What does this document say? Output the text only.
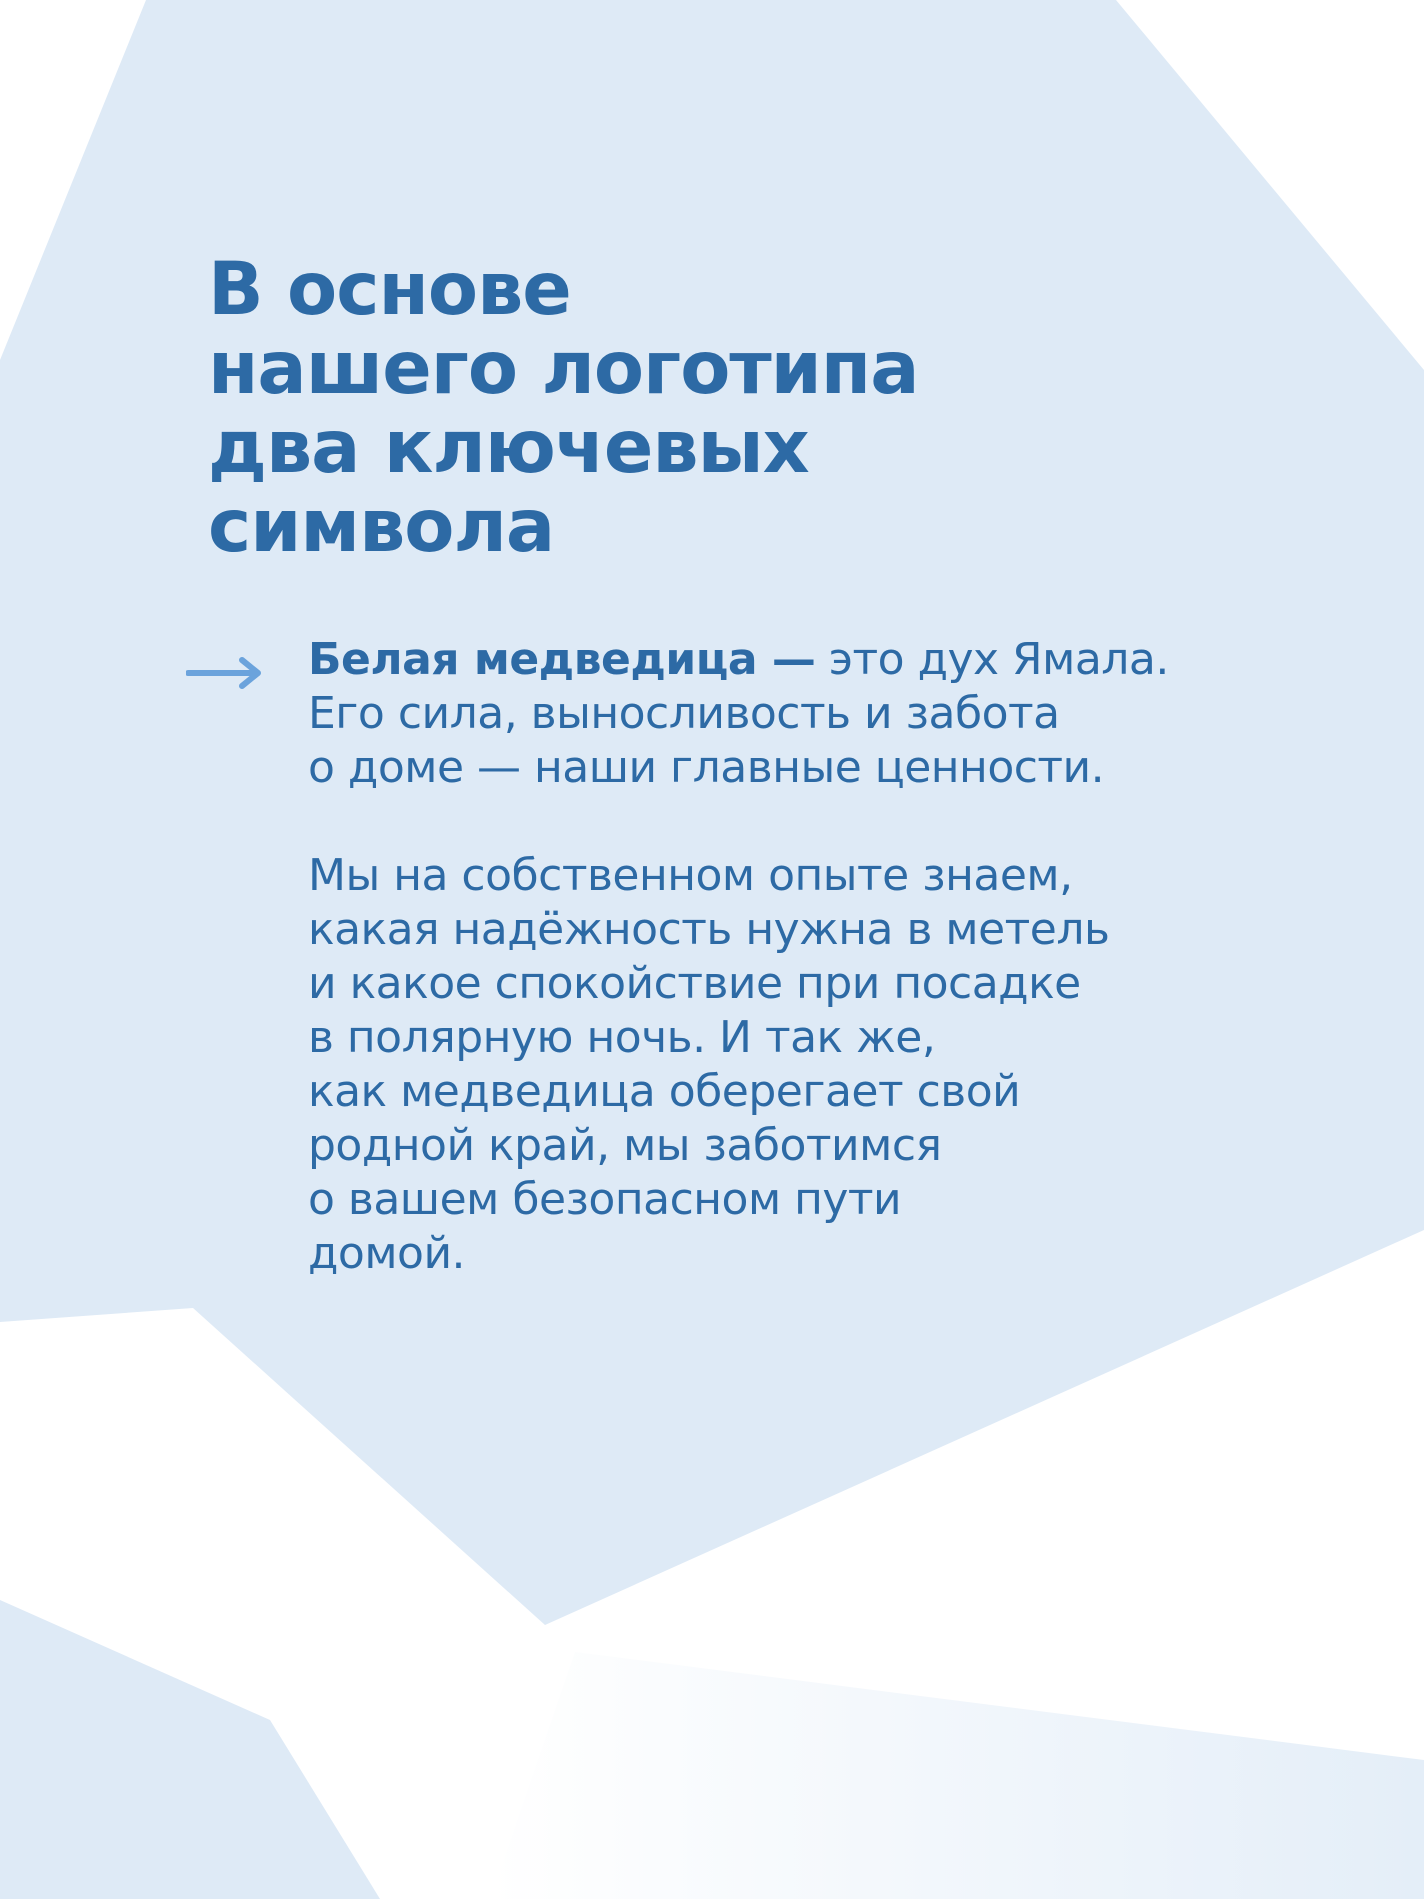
В основе
нашего логотипа
два ключевых
символа

Белая медведица — это дух Ямала.
Его сила, выносливость и забота
о доме — наши главные ценности.

Мы на собственном опыте знаем,
какая надёжность нужна в метель
и какое спокойствие при посадке
в полярную ночь. И так же,
как медведица оберегает свой
родной край, мы заботимся
о вашем безопасном пути
домой.
